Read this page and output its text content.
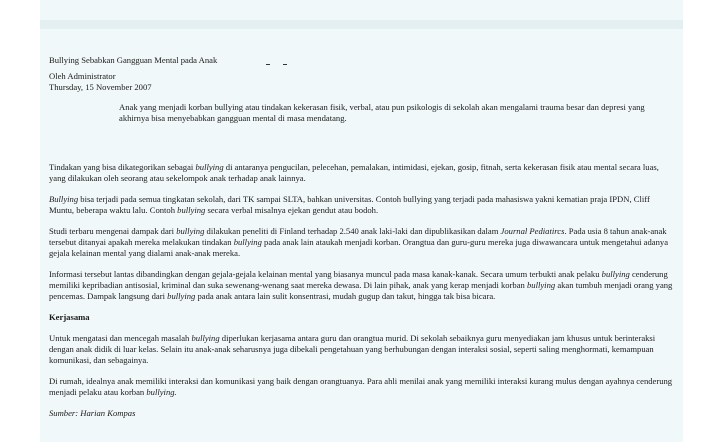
Bullying Sebabkan Gangguan Mental pada Anak
Oleh Administrator
Thursday, 15 November 2007

Anak yang menjadi korban bullying atau tindakan kekerasan fisik, verbal, atau pun psikologis di sekolah akan mengalami trauma besar dan depresi yang akhirnya bisa menyebabkan gangguan mental di masa mendatang.

Tindakan yang bisa dikategorikan sebagai bullying di antaranya pengucilan, pelecehan, pemalakan, intimidasi, ejekan, gosip, fitnah, serta kekerasan fisik atau mental secara luas, yang dilakukan oleh seorang atau sekelompok anak terhadap anak lainnya.

Bullying bisa terjadi pada semua tingkatan sekolah, dari TK sampai SLTA, bahkan universitas. Contoh bullying yang terjadi pada mahasiswa yakni kematian praja IPDN, Cliff Muntu, beberapa waktu lalu. Contoh bullying secara verbal misalnya ejekan gendut atau bodoh.

Studi terbaru mengenai dampak dari bullying dilakukan peneliti di Finland terhadap 2.540 anak laki-laki dan dipublikasikan dalam Journal Pediatircs. Pada usia 8 tahun anak-anak tersebut ditanyai apakah mereka melakukan tindakan bullying pada anak lain ataukah menjadi korban. Orangtua dan guru-guru mereka juga diwawancara untuk mengetahui adanya gejala kelainan mental yang dialami anak-anak mereka.

Informasi tersebut lantas dibandingkan dengan gejala-gejala kelainan mental yang biasanya muncul pada masa kanak-kanak. Secara umum terbukti anak pelaku bullying cenderung memiliki kepribadian antisosial, kriminal dan suka sewenang-wenang saat mereka dewasa. Di lain pihak, anak yang kerap menjadi korban bullying akan tumbuh menjadi orang yang pencemas. Dampak langsung dari bullying pada anak antara lain sulit konsentrasi, mudah gugup dan takut, hingga tak bisa bicara.

Kerjasama

Untuk mengatasi dan mencegah masalah bullying diperlukan kerjasama antara guru dan orangtua murid. Di sekolah sebaiknya guru menyediakan jam khusus untuk berinteraksi dengan anak didik di luar kelas. Selain itu anak-anak seharusnya juga dibekali pengetahuan yang berhubungan dengan interaksi sosial, seperti saling menghormati, kemampuan komunikasi, dan sebagainya.

Di rumah, idealnya anak memiliki interaksi dan komunikasi yang baik dengan orangtuanya. Para ahli menilai anak yang memiliki interaksi kurang mulus dengan ayahnya cenderung menjadi pelaku atau korban bullying.

Sumber: Harian Kompas
